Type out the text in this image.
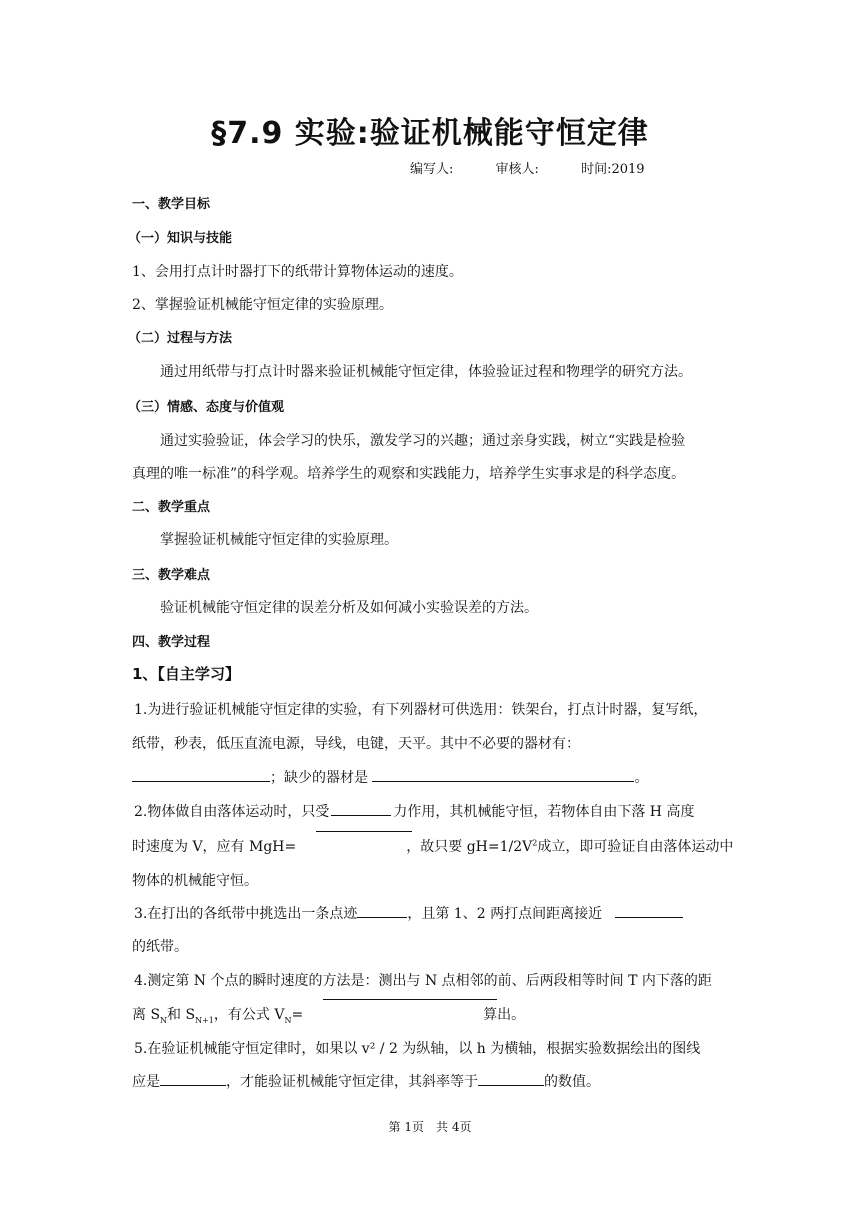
§7.9 实验:验证机械能守恒定律
编写人:	审核人:	时间:2019
一、教学目标
（一）知识与技能
1、会用打点计时器打下的纸带计算物体运动的速度。
2、掌握验证机械能守恒定律的实验原理。
（二）过程与方法
通过用纸带与打点计时器来验证机械能守恒定律，体验验证过程和物理学的研究方法。
（三）情感、态度与价值观
通过实验验证，体会学习的快乐，激发学习的兴趣；通过亲身实践，树立“实践是检验
真理的唯一标准”的科学观。培养学生的观察和实践能力，培养学生实事求是的科学态度。
二、教学重点
掌握验证机械能守恒定律的实验原理。
三、教学难点
验证机械能守恒定律的误差分析及如何减小实验误差的方法。
四、教学过程
1、【自主学习】
1.为进行验证机械能守恒定律的实验，有下列器材可供选用：铁架台，打点计时器，复写纸，
纸带，秒表，低压直流电源，导线，电键，天平。其中不必要的器材有：
；缺少的器材是	。
2.物体做自由落体运动时，只受	力作用，其机械能守恒，若物体自由下落 H 高度
时速度为 V，应有 MgH=	，故只要 $gH=1/2V^2$成立，即可验证自由落体运动中
物体的机械能守恒。
3.在打出的各纸带中挑选出一条点迹	，且第 1、2 两打点间距离接近
的纸带。
4.测定第 N 个点的瞬时速度的方法是：测出与 N 点相邻的前、后两段相等时间 T 内下落的距
离 $S_N$和 $S_{N+1}$，有公式 $V_N=$	算出。
5.在验证机械能守恒定律时，如果以 v² / 2 为纵轴，以 h 为横轴，根据实验数据绘出的图线
应是	，才能验证机械能守恒定律，其斜率等于	的数值。
第 1页 共 4页
